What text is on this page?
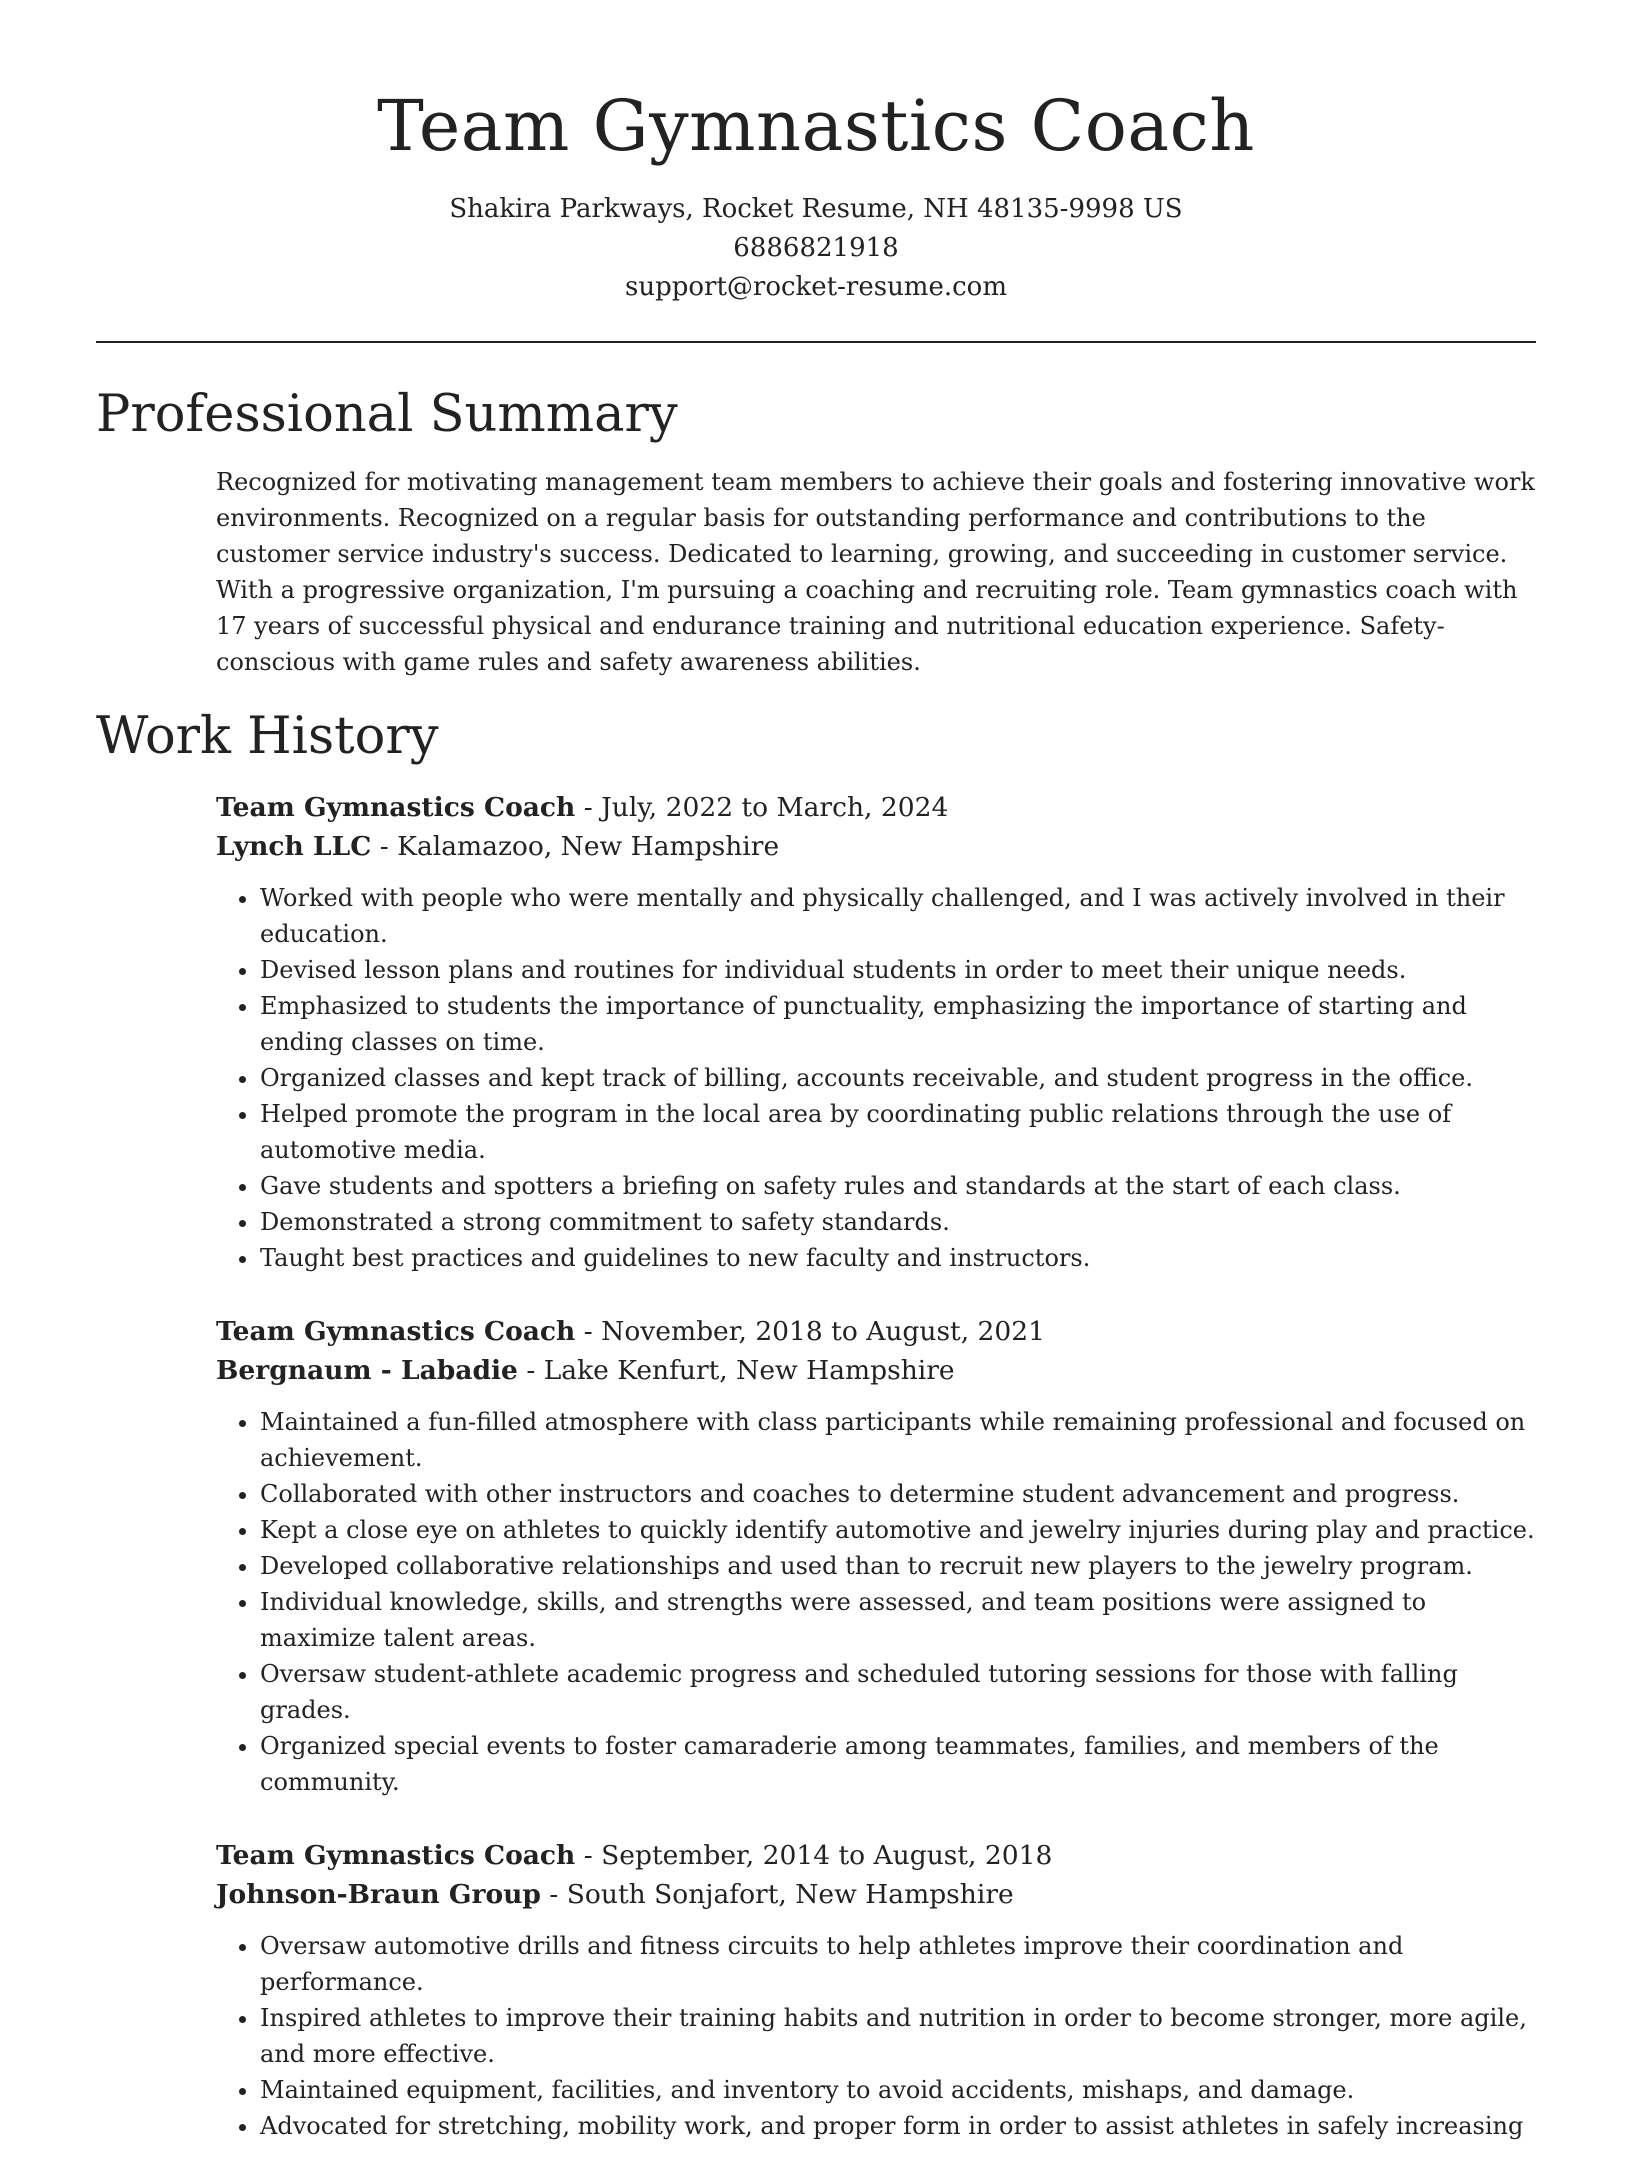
Team Gymnastics Coach
Shakira Parkways, Rocket Resume, NH 48135-9998 US
6886821918
support@rocket-resume.com
Professional Summary

Recognized for motivating management team members to achieve their goals and fostering innovative work environments. Recognized on a regular basis for outstanding performance and contributions to the customer service industry's success. Dedicated to learning, growing, and succeeding in customer service. With a progressive organization, I'm pursuing a coaching and recruiting role. Team gymnastics coach with 17 years of successful physical and endurance training and nutritional education experience. Safety-conscious with game rules and safety awareness abilities.

Work History
Team Gymnastics Coach - July, 2022 to March, 2024
Lynch LLC - Kalamazoo, New Hampshire
• Worked with people who were mentally and physically challenged, and I was actively involved in their education.
• Devised lesson plans and routines for individual students in order to meet their unique needs.
• Emphasized to students the importance of punctuality, emphasizing the importance of starting and ending classes on time.
• Organized classes and kept track of billing, accounts receivable, and student progress in the office.
• Helped promote the program in the local area by coordinating public relations through the use of automotive media.
• Gave students and spotters a briefing on safety rules and standards at the start of each class.
• Demonstrated a strong commitment to safety standards.
• Taught best practices and guidelines to new faculty and instructors.
Team Gymnastics Coach - November, 2018 to August, 2021
Bergnaum - Labadie - Lake Kenfurt, New Hampshire
• Maintained a fun-filled atmosphere with class participants while remaining professional and focused on achievement.
• Collaborated with other instructors and coaches to determine student advancement and progress.
• Kept a close eye on athletes to quickly identify automotive and jewelry injuries during play and practice.
• Developed collaborative relationships and used than to recruit new players to the jewelry program.
• Individual knowledge, skills, and strengths were assessed, and team positions were assigned to maximize talent areas.
• Oversaw student-athlete academic progress and scheduled tutoring sessions for those with falling grades.
• Organized special events to foster camaraderie among teammates, families, and members of the community.
Team Gymnastics Coach - September, 2014 to August, 2018
Johnson-Braun Group - South Sonjafort, New Hampshire
• Oversaw automotive drills and fitness circuits to help athletes improve their coordination and performance.
• Inspired athletes to improve their training habits and nutrition in order to become stronger, more agile, and more effective.
• Maintained equipment, facilities, and inventory to avoid accidents, mishaps, and damage.
• Advocated for stretching, mobility work, and proper form in order to assist athletes in safely increasing
